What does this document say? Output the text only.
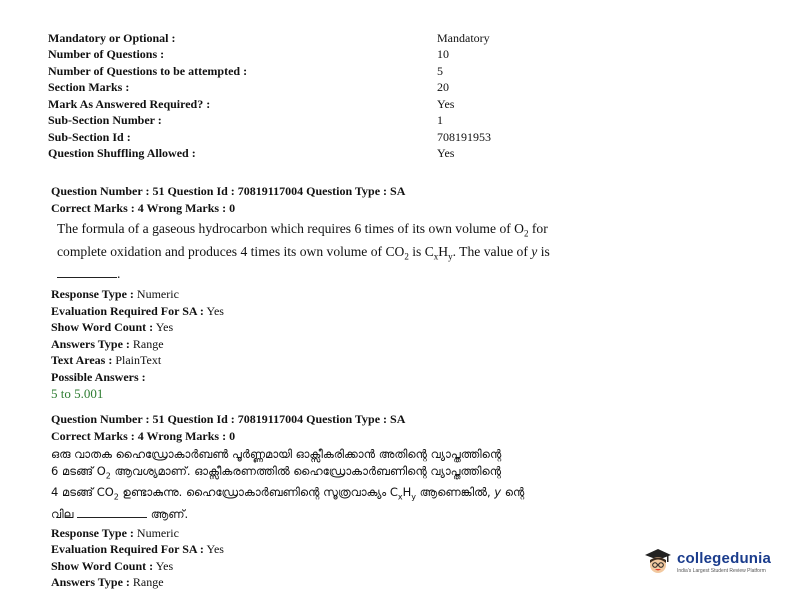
Mandatory or Optional :	Mandatory
Number of Questions :	10
Number of Questions to be attempted :	5
Section Marks :	20
Mark As Answered Required? :	Yes
Sub-Section Number :	1
Sub-Section Id :	708191953
Question Shuffling Allowed :	Yes
Question Number : 51 Question Id : 70819117004 Question Type : SA
Correct Marks : 4 Wrong Marks : 0
The formula of a gaseous hydrocarbon which requires 6 times of its own volume of $O_2$ for complete oxidation and produces 4 times its own volume of $CO_2$ is $C_xH_y$. The value of y is
.
Response Type : Numeric
Evaluation Required For SA : Yes
Show Word Count : Yes
Answers Type : Range
Text Areas : PlainText
Possible Answers :
5 to 5.001
Question Number : 51 Question Id : 70819117004 Question Type : SA
Correct Marks : 4 Wrong Marks : 0
ഒരു വാതക ഹൈഡ്രോകാർബൺ പൂർണ്ണമായി ഓക്സീകരിക്കാൻ അതിന്റെ വ്യാപ്തത്തിന്റെ
6 മടങ്ങ് $O_2$ ആവശ്യമാണ്. ഓക്സീകരണത്തിൽ ഹൈഡ്രോകാർബണിന്റെ വ്യാപ്തത്തിന്റെ
4 മടങ്ങ് $CO_2$ ഉണ്ടാകുന്നു. ഹൈഡ്രോകാർബണിന്റെ സൂത്രവാക്യം $C_xH_y$ ആണെങ്കിൽ, y ന്റെ
വില	ആണ്.
Response Type : Numeric
Evaluation Required For SA : Yes
Show Word Count : Yes
Answers Type : Range
collegedunia
India's Largest Student Review Platform
